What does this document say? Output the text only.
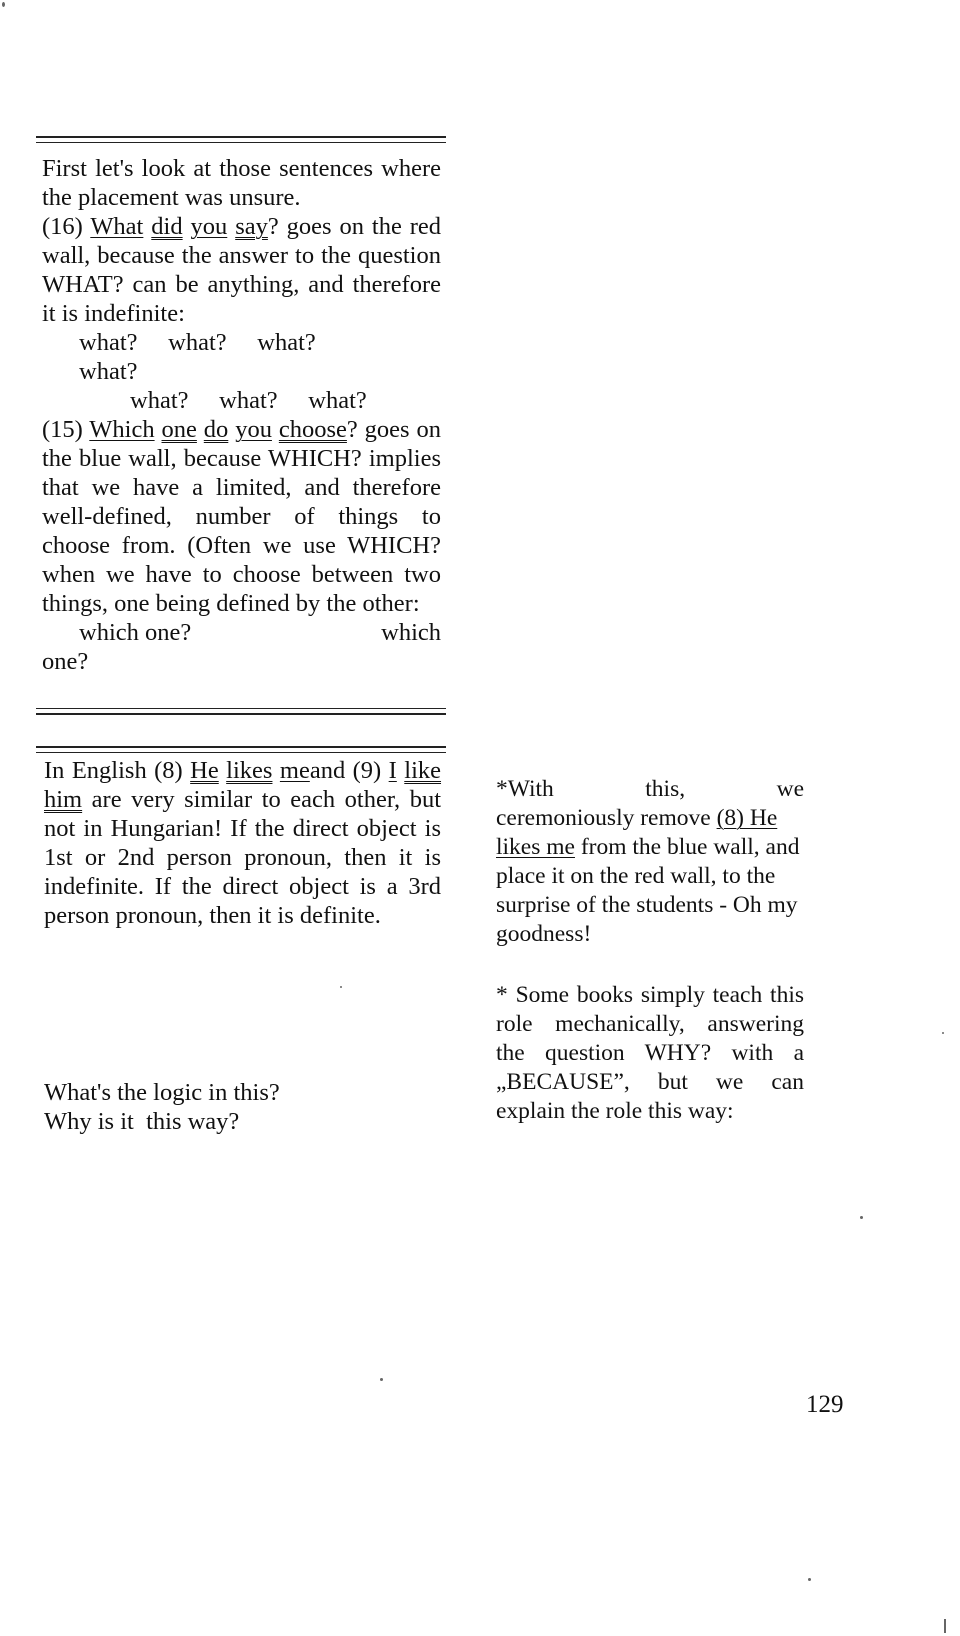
First let's look at those sentences where the placement was unsure.

(16) What did you say? goes on the red wall, because the answer to the question WHAT? can be anything, and therefore it is indefinite:

what?     what?     what?

what?

what?     what?     what?

(15) Which one do you choose? goes on the blue wall, because WHICH? implies that we have a limited, and therefore well-defined, number of things to choose from. (Often we use WHICH? when we have to choose between two things, one being defined by the other:

which one?	which

one?

In English (8) He likes meand (9) I like him are very similar to each other, but not in Hungarian! If the direct object is 1st or 2nd person pronoun, then it is indefinite. If the direct object is a 3rd person pronoun, then it is definite.

What's the logic in this?

Why is it  this way?

*With	this,	we

ceremoniously remove (8) He likes me from the blue wall, and place it on the red wall, to the surprise of the students - Oh my goodness!

* Some books simply teach this role mechanically, answering the question WHY? with a „BECAUSE”, but we can explain the role this way:

129
